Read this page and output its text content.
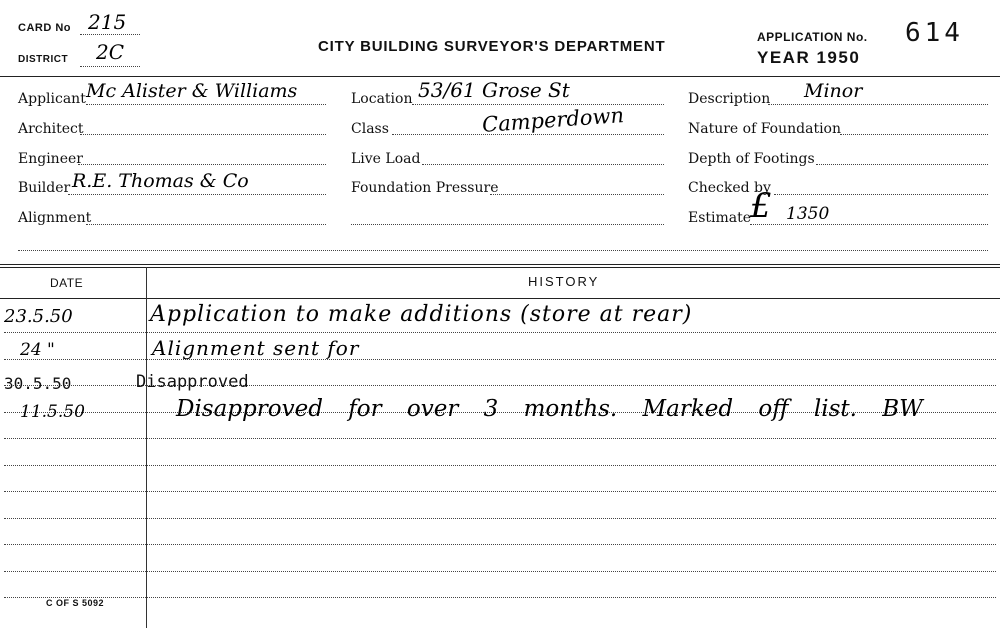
CARD No 215
DISTRICT 2C	CITY BUILDING SURVEYOR'S DEPARTMENT
APPLICATION No. 614
YEAR 1950
Applicant Mc Alister & Williams
Architect
Engineer
Builder R.E. Thomas & Co
Alignment
Location 53/61 Grose St
Class	Camperdown
Live Load
Foundation Pressure
Description Minor
Nature of Foundation
Depth of Footings
Checked by
Estimate
£ 1350
DATE	HISTORY
23.5.50	Application to make additions (store at rear)
24 "	Alignment sent for
30.5.50	Disapproved
11.5.50	Disapproved for over 3 months. Marked off list. BW
C OF S 5092
